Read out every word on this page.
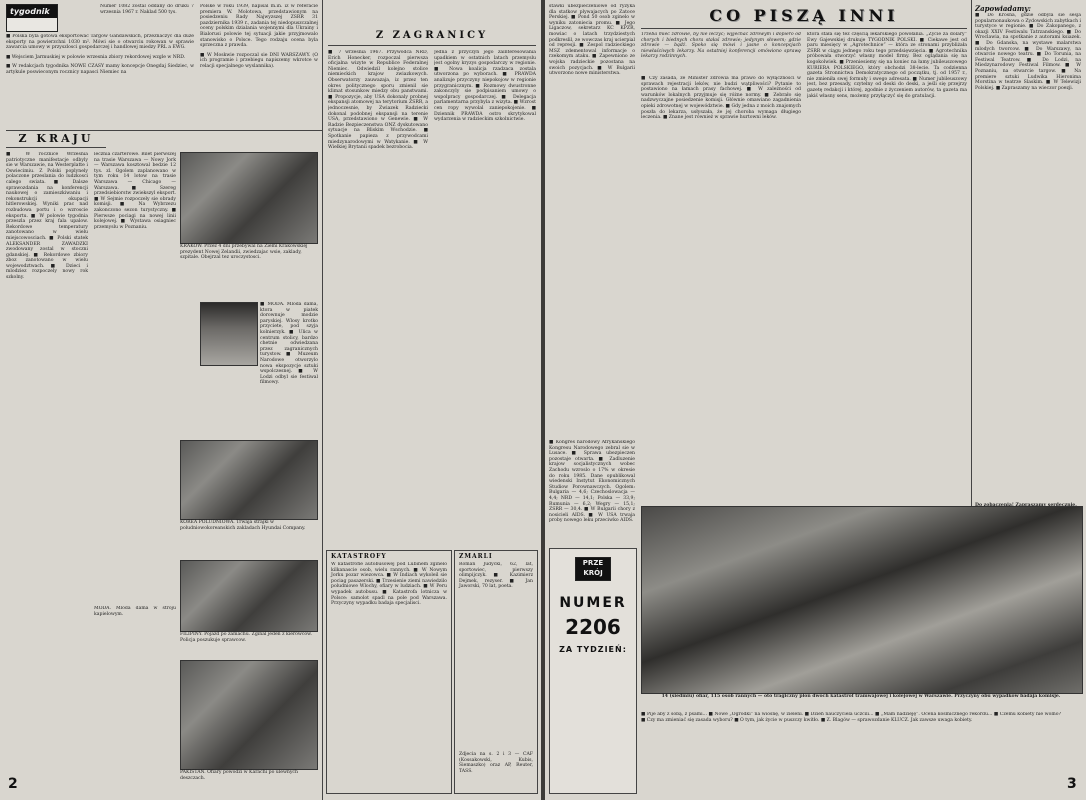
tygodnik
Numer 1082 zostal oddany do druku 7 wrzesnia 1967 r. Naklad 500 tys.
■ Polska byla gotowa eksportowac Targów Gandawskich, przeznaczyc dla duze eksporty na powierzchni 1030 m². Mówi sie o otwarciu rokowan w sprawie zawarcia umowy w przyszlosci gospodarczej i handlowej miedzy PRL a EWG.
■ Wejsciem Jarmuskiej w polowie wrzesnia zbiory rekordowej wzgle w NRD.
■ W redakcjach tygodnika NOWE CZASY mamy koncepcje Onegdaj Siedziec, w artykule poswieconym rocznicy napasci Niemiec na
Polske w roku 1939, napisal m.in. iz w referacie premiera W. Molotowa, przedstawionym na posiedzeniu Rady Najwyzszej ZSRR 31 pazdziernika 1939 r., zadania tej niedopuszczalnej oceny polskim dzialania wojennymi dla Ukrainy i Bialorusi polowie tej sytuacji jakie przyjmowalo stanowisko o Polsce. Tego rodzaju ocena byla sprzeczna z prawda.
■ W Moskwie rozpoczal sie DNI WARSZAWY. (O ich programie i przebiegu napiszemy wkrotce w relacji specjalnego wyslannika).
Z KRAJU
■ W rocznice Wrzesnia patriotyczne manifestacje odbyly sie w Warszawie, na Westerplatte i Oswiecimiu. Z Polski poplynely polaczone przeslania do ludzkosci calego swiata. ■ Dalsze sprawozdania na konferencji naukowej o zamieszkiwaniu i rekonstrukcji okupacji hitlerowskiej. Wyniki prac nad rozbudowa portu i o wzroscie eksportu. ■ W polowie tygodnia przeszla przez kraj fala upalow. Rekordowe temperatury zanotowano w wielu miejscowosciach. ■ Polski statek ALEKSANDER ZAWADZKI zwodowany zostal w stoczni gdanskiej. ■ Rekordowe zbiory zboz zanotowano w wielu wojewodztwach. ■ Dzieci i mlodziez rozpoczely nowy rok szkolny.
lecznia czarterowe. Bilet pierwszej na trasie Warszawa — Nowy Jork — Warszawa kosztowal bedzie 12 tys. zl. Ogolem zaplanowano w tym roku 14 lotow na trasie Warszawa — Chicago — Warszawa. ■ Szereg przedsiebiorstw zwiekszyl eksport. ■ W Sejmie rozpoczely sie obrady komisji. ■ Na Wybrzezu zakonczono sezon turystyczny. ■ Pierwsze pociagi na nowej linii kolejowej. ■ Wystawa osiagniec przemyslu w Poznaniu.
KRAKOW. Przez 4 dni przebywal na Ziemi Krakowskiej prezydent Nowej Zelandii, zwiedzajac wsie, zaklady, szpitale. Obejrzal tez uroczystosci.
■ MODA. Mloda dama, ktora w piatek dorownuje modzie paryskiej. Wlosy krotko przyciete, pod szyja kolnierzyk. ■ Ulica w centrum stolicy, bardzo chetnie odwiedzana przez zagranicznych turystow. ■ Muzeum Narodowe otworzylo nowa ekspozycje sztuki wspolczesnej. ■ W Lodzi odbyl sie festiwal filmowy.
KOREA POLUDNIOWA. Trwaja strajki w poludniowokoreanskich zakladach Hyundai Company.
FILIPINY. Pojazd po zamachu. Zginal jeden z kierowcow. Policja poszukuje sprawcow.
PAKISTAN. Ofiary powodzi w Karachi po ulewnych deszczach.
MODA. Mloda dama w stroju kapielowym.
Z ZAGRANICY
■ 7 wrzesnia 1967. Przywodca NRD, Erich Honecker, rozpoczal pierwsza oficjalna wizyte w Republice Federalnej Niemiec. Odwiedzil kolejno stolice niemieckich krajow zwiazkowych. Obserwatorzy zauwazaja, iz przez ten okres politycznego sporu zmienil sie klimat stosunkow miedzy obu panstwami. ■ Propozycje, aby USA dokonaly probnej ekspansji atomowej na terytorium ZSRR, a jednoczesnie, by Zwiazek Radziecki dokonal podobnej ekspansji na terenie USA, przedstawiono w Genewie. ■ W Radzie Bezpieczenstwa ONZ dyskutowano sytuacje na Bliskim Wschodzie. ■ Spotkanie papieza z przywodcami miedzynarodowymi w Watykanie. ■ W Wielkiej Brytanii spadek bezrobocia.
Jedna z przyczyn jego zainteresowania upadkiem w ostatnich latach przemyslu jest ogolny kryzys gospodarczy w regionie. ■ Nowa koalicja rzadzaca zostala utworzona po wyborach. ■ PRAWDA analizuje przyczyny niepokojow w regionie przygranicznym. ■ Rozmowy dwustronne zakonczyly sie podpisaniem umowy o wspolpracy gospodarczej. ■ Delegacja parlamentarna przybyla z wizyta. ■ Wzrost cen ropy wywolal zaniepokojenie. ■ Dziennik PRAWDA ostro skrytykowal wydarzenia w radzieckim szkolnictwie.
KATASTROFY
W katastrofie autobusowej pod Lubinem zginelo kilkanascie osob, wielu rannych. ■ W Nowym Jorku pozar wiezowca. ■ W Indiach wykoleil sie pociag pasazerski. ■ Trzesienie ziemi nawiedzilo poludniowe Wlochy, ofiary w ludziach. ■ W Peru wypadek autobusu. ■ Katastrofa lotnicza w Polsce: samolot spadl na pole pod Warszawa. Przyczyny wypadku badaja specjalisci.
ZMARLI
Roman Judycki, 62, lat, sportowiec, pierwszy olimpijczyk. ■ Kazimierz Dejmek, rezyser. ■ Jan Jaworski, 70 lat, poeta.
Zdjecia na s. 2 i 3 — CAF (Kossakowski, Kubis, Siemaszko) oraz AP, Reuter, TASS.
2
stawki ubezpieczeniowe od ryzyka dla statkow plywajacych po Zatoce Perskiej. ■ Pond 50 osob zginelo w wyniku zatoniecia promu. ■ Jego Ligaczow, sekretarz KC KPZR, mowiac o latach trzydziestych podkreslil, ze wowczas kraj ucierpial od represji. ■ Zespol radzieckiego MSZ zdementowal informacje o rzekomym ataku. ■ Zapewniono ze wojska radzieckie pozostana na swoich pozycjach. ■ W Bulgarii utworzono nowe ministerstwa.
■ Kongres narodowy Afrykanskiego Kongresu Narodowego zebral sie w Lusace. ■ Sprawa ubezpieczen pozostaje otwarta. ■ Zadluzenie krajow socjalistycznych wobec Zachodu wzroslo o 17% w okresie do roku 1985. Dane opublikowal wiedenski Instytut Ekonomicznych Studiow Porownawczych. Ogolem: Bulgaria — 4,6; Czechoslowacja — 4,4; NRD — 14,1; Polska — 33,9; Rumunia — 6,2; Wegry — 15,1; ZSRR — 30,4. ■ W Bulgarii chory z nosicieli AIDS. ■ W USA trwaja proby nowego leku przeciwko AIDS.
CO PISZĄ INNI
Trzeba mieć zdrowie, by nie leczyć; wyjechać zdrowym i dopiero od chorych i biednych chora stałaś zdrowie; jedynym słowem; gdzie zdrowie — bądź. Spoko się mówi i jasne o koncepcjach niewłaściwych lekarzy. Na ostatniej konferencji omówiono sprawę lekarzy rodzinnych.
■ Czy zasada, że Minister zdrowia ma prawo do wyłączności w sprawach rejestracji leków, nie budzi wątpliwości? Pytanie to postawiono na łamach prasy fachowej. ■ W zależności od warunków lokalnych przyjmuje się różne normy. ■ Zebrało się nadzwyczajne posiedzenie komisji. Głównie omawiano zagadnienia opieki zdrowotnej w województwie. ■ Gdy jedna z moich znajomych poszła do lekarza, usłyszała, że jej choroba wymaga długiego leczenia. ■ Znane jest również w sprawie hurtowni leków.
która stała się też częścią lekarskiego powołania. „Życie za dolary” Ewy Gajewskiej drukuje TYGODNIK POLSKI. ■ Ciekawe jest od paru miesięcy w „Agrotechnice” — która ze stronami przybliżała ZSRR w ciągu jednego roku tego przedsięwzięcia. ■ Agrotechnika próbowała stworzyć własny model firmy. Bez oglądania się na kogokolwiek. ■ Przeniesiemy się na koniec na łamy jubileuszowego KURIERA POLSKIEGO, który obchodzi 38-lecie. Ta codzienna gazeta Stronnictwa Demokratycznego od początku, tj. od 1957 r., nie zmieniła swej formuły i swego adresata. ■ Numer jubileuszowy jest, bez przesady, czytelny od deski do deski, a jeśli się przejrzy gazetę redakcji i której, zgodnie z życzeniem autorów, ta gazeta ma jakiś własny sens, możemy przyłączyć się do gratulacji.
Zapowiadamy:
■ Do Krosna, gdzie odbyla sie sesja popularnonaukowa o Zydowskich zabytkach i turystyce w regionie. ■ Do Zakopanego, z okazji XXIV Festiwalu Tatrzanskiego. ■ Do Wroclawia, na spotkanie z autorami ksiazek. ■ Do Gdanska, na wystawe malarstwa mlodych tworcow. ■ Do Warszawy, na otwarcie nowego teatru. ■ Do Torunia, na Festiwal Teatrow. ■ Do Lodzi, na Miedzynarodowy Festiwal Filmow. ■ W Poznaniu, na otwarcie targow. ■ Na premiere sztuki Ludwika Hieronima Morstina w teatrze Slaskim. ■ W Telewizji Polskiej. ■ Zapraszamy na wieczor poezji.
14 (siedmiu) ofiar, 115 osob rannych — oto tragiczny plon dwoch katastrof tramwajowej i kolejowej w Warszawie. Przyczyny obu wypadkow badaja komisje.
PRZE KRÓJ
NUMER
2206
ZA TYDZIEŃ:
■ Pije aby z sobą, z psami... ■ Nowe „Ogródki” na wiosnę, w zieleni. ■ Dzień nauczyciela uczcili... ■ „Mam nadzieję”. Ocena kosmicznego rekordu... ■ Czemu kobiety nie wolno? ■ Czy ma zmieniać się zasada wyboru? ■ O tym, jak życie w puszczy kwitło. ■ Z. Blagów — sprawozdanie KLUCZ. Jak zawsze uwaga kobiety.
3
